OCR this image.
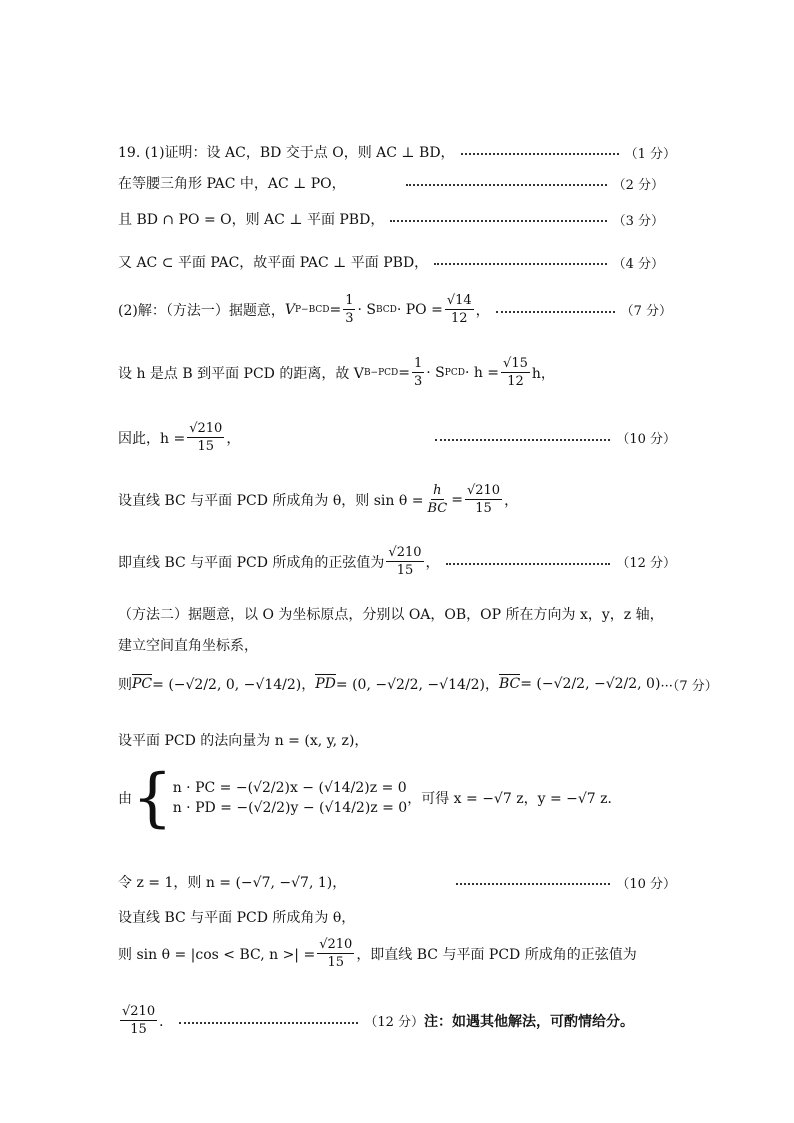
19. (1)证明：设 AC，BD 交于点 O，则 AC ⊥ BD，	（1 分）
在等腰三角形 PAC 中，AC ⊥ PO，	（2 分）
且 BD ∩ PO = O，则 AC ⊥ 平面 PBD，	（3 分）
又 AC ⊂ 平面 PAC，故平面 PAC ⊥ 平面 PBD，	（4 分）
(2)解：（方法一）据题意， V $P-BCD = \frac{1}{3} \cdot S$ BCD · PO = $\frac{√14}{12}$ ，	（7 分）
设 h 是点 B 到平面 PCD 的距离，故 V $B-PCD = \frac{1}{3} \cdot S$ PCD · $h = \frac{√15}{12}$ h，
因此，$h = \frac{√210}{15}$ ，	（10 分）
设直线 BC 与平面 PCD 所成角为 θ，则 $\sin \theta = \frac{h}{BC} = \frac{√210}{15}$ ，
即直线 BC 与平面 PCD 所成角的正弦值为 $\frac{√210}{15}$ ，	（12 分）
（方法二）据题意，以 O 为坐标原点，分别以 OA，OB，OP 所在方向为 x，y，z 轴，
建立空间直角坐标系，
则 PC = (−√2/2, 0, −√14/2)， PD = (0, −√2/2, −√14/2)， BC = (−√2/2, −√2/2, 0) ···（7 分）
设平面 PCD 的法向量为 n = (x, y, z)，
由 { n · PC = −(√2/2)x − (√14/2)z = 0
n · PD = −(√2/2)y − (√14/2)z = 0
，可得 x = −√7 z，y = −√7 z．
令 z = 1，则 n = (−√7, −√7, 1)，	（10 分）
设直线 BC 与平面 PCD 所成角为 θ，
则 sin θ = |cos < BC, n >| = $\frac{√210}{15}$ ，即直线 BC 与平面 PCD 所成角的正弦值为
$\frac{√210}{15}$ ．	（12 分） 注：如遇其他解法，可酌情给分。
